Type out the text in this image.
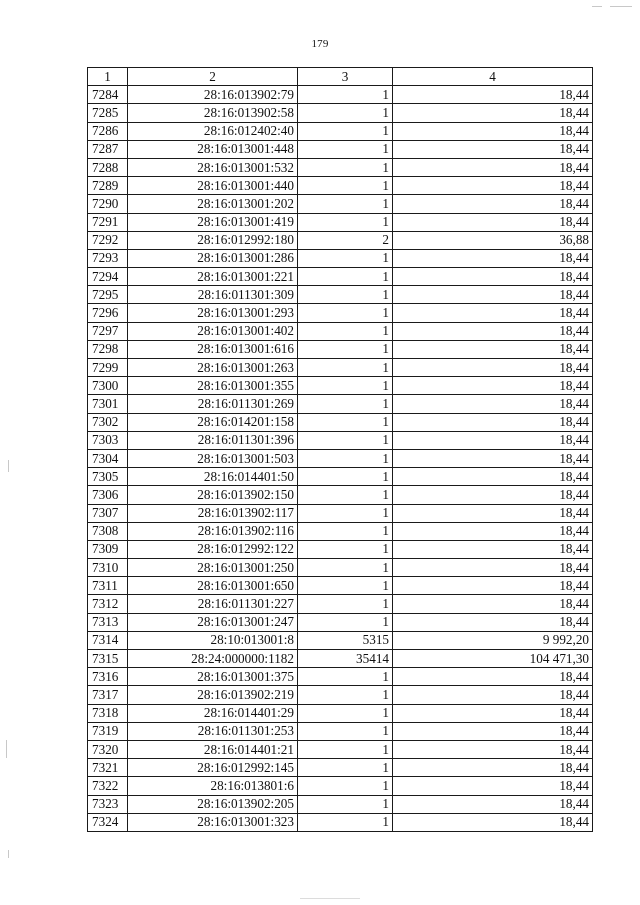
179
1	2	3	4
7284	28:16:013902:79	1	18,44
7285	28:16:013902:58	1	18,44
7286	28:16:012402:40	1	18,44
7287	28:16:013001:448	1	18,44
7288	28:16:013001:532	1	18,44
7289	28:16:013001:440	1	18,44
7290	28:16:013001:202	1	18,44
7291	28:16:013001:419	1	18,44
7292	28:16:012992:180	2	36,88
7293	28:16:013001:286	1	18,44
7294	28:16:013001:221	1	18,44
7295	28:16:011301:309	1	18,44
7296	28:16:013001:293	1	18,44
7297	28:16:013001:402	1	18,44
7298	28:16:013001:616	1	18,44
7299	28:16:013001:263	1	18,44
7300	28:16:013001:355	1	18,44
7301	28:16:011301:269	1	18,44
7302	28:16:014201:158	1	18,44
7303	28:16:011301:396	1	18,44
7304	28:16:013001:503	1	18,44
7305	28:16:014401:50	1	18,44
7306	28:16:013902:150	1	18,44
7307	28:16:013902:117	1	18,44
7308	28:16:013902:116	1	18,44
7309	28:16:012992:122	1	18,44
7310	28:16:013001:250	1	18,44
7311	28:16:013001:650	1	18,44
7312	28:16:011301:227	1	18,44
7313	28:16:013001:247	1	18,44
7314	28:10:013001:8	5315	9 992,20
7315	28:24:000000:1182	35414	104 471,30
7316	28:16:013001:375	1	18,44
7317	28:16:013902:219	1	18,44
7318	28:16:014401:29	1	18,44
7319	28:16:011301:253	1	18,44
7320	28:16:014401:21	1	18,44
7321	28:16:012992:145	1	18,44
7322	28:16:013801:6	1	18,44
7323	28:16:013902:205	1	18,44
7324	28:16:013001:323	1	18,44
